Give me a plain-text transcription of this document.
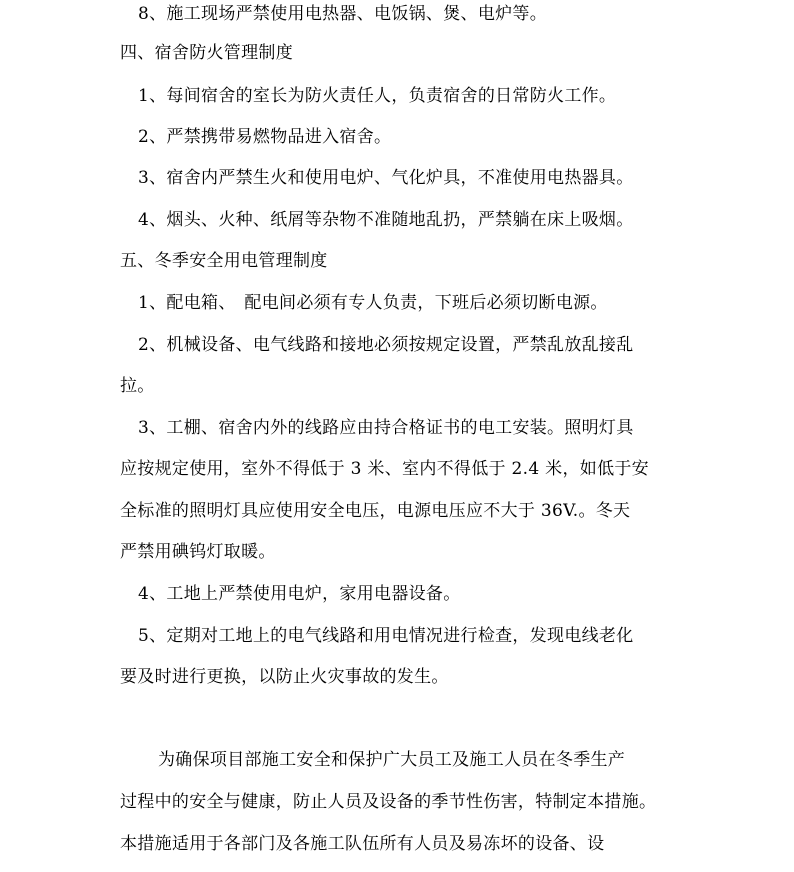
8、施工现场严禁使用电热器、电饭锅、煲、电炉等。
四、宿舍防火管理制度
1、每间宿舍的室长为防火责任人，负责宿舍的日常防火工作。
2、严禁携带易燃物品进入宿舍。
3、宿舍内严禁生火和使用电炉、气化炉具，不准使用电热器具。
4、烟头、火种、纸屑等杂物不准随地乱扔，严禁躺在床上吸烟。
五、冬季安全用电管理制度
1、配电箱、　配电间必须有专人负责，下班后必须切断电源。
2、机械设备、电气线路和接地必须按规定设置，严禁乱放乱接乱
拉。
3、工棚、宿舍内外的线路应由持合格证书的电工安装。照明灯具
应按规定使用，室外不得低于 3 米、室内不得低于 2.4 米，如低于安
全标准的照明灯具应使用安全电压，电源电压应不大于 36V.。冬天
严禁用碘钨灯取暖。
4、工地上严禁使用电炉，家用电器设备。
5、定期对工地上的电气线路和用电情况进行检查，发现电线老化
要及时进行更换，以防止火灾事故的发生。
为确保项目部施工安全和保护广大员工及施工人员在冬季生产
过程中的安全与健康，防止人员及设备的季节性伤害，特制定本措施。
本措施适用于各部门及各施工队伍所有人员及易冻坏的设备、设
